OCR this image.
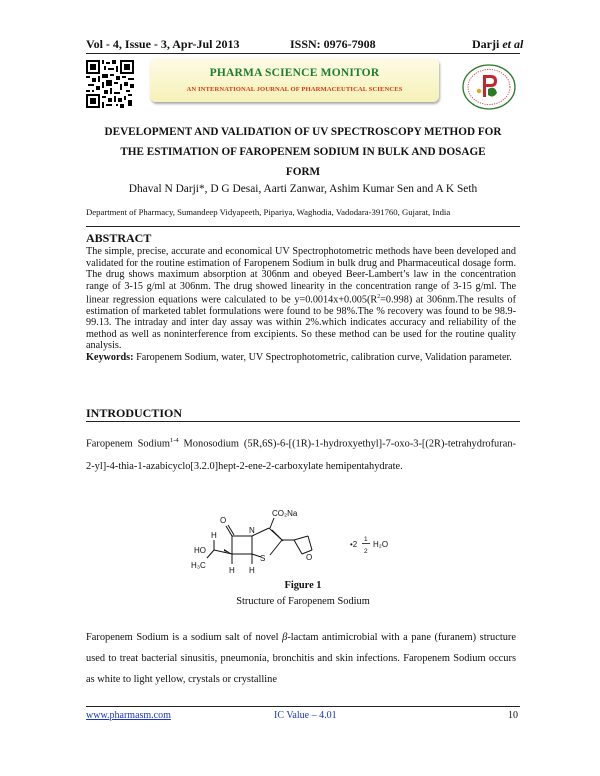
Vol - 4, Issue - 3, Apr-Jul 2013	ISSN: 0976-7908	Darji et al
PHARMA SCIENCE MONITOR
AN INTERNATIONAL JOURNAL OF PHARMACEUTICAL SCIENCES
DEVELOPMENT AND VALIDATION OF UV SPECTROSCOPY METHOD FOR
THE ESTIMATION OF FAROPENEM SODIUM IN BULK AND DOSAGE
FORM
Dhaval N Darji*, D G Desai, Aarti Zanwar, Ashim Kumar Sen and A K Seth
Department of Pharmacy, Sumandeep Vidyapeeth, Pipariya, Waghodia, Vadodara-391760, Gujarat, India
ABSTRACT
The simple, precise, accurate and economical UV Spectrophotometric methods have been developed and validated for the routine estimation of Faropenem Sodium in bulk drug and Pharmaceutical dosage form. The drug shows maximum absorption at 306nm and obeyed Beer-Lambert’s law in the concentration range of 3-15 g/ml at 306nm. The drug showed linearity in the concentration range of 3-15 g/ml. The linear regression equations were calculated to be $y=0.0014x+0.005(R^2=0.998)$ at 306nm.The results of estimation of marketed tablet formulations were found to be 98%.The % recovery was found to be 98.9-99.13. The intraday and inter day assay was within 2%.which indicates accuracy and reliability of the method as well as noninterference from excipients. So these method can be used for the routine quality analysis.
Keywords: Faropenem Sodium, water, UV Spectrophotometric, calibration curve, Validation parameter.
INTRODUCTION
Faropenem Sodium$^{1-4}$ Monosodium (5R,6S)-6-[(1R)-1-hydroxyethyl]-7-oxo-3-[(2R)-tetrahydrofuran-2-yl]-4-thia-1-azabicyclo[3.2.0]hept-2-ene-2-carboxylate hemipentahydrate.
CO₂Na
O
N
S
H
HO
H₃C
H H
O
•2
1
2
H₂O
Figure 1
Structure of Faropenem Sodium
Faropenem Sodium is a sodium salt of novel β-lactam antimicrobial with a pane (furanem) structure used to treat bacterial sinusitis, pneumonia, bronchitis and skin infections. Faropenem Sodium occurs as white to light yellow, crystals or crystalline
www.pharmasm.com	IC Value – 4.01	10
